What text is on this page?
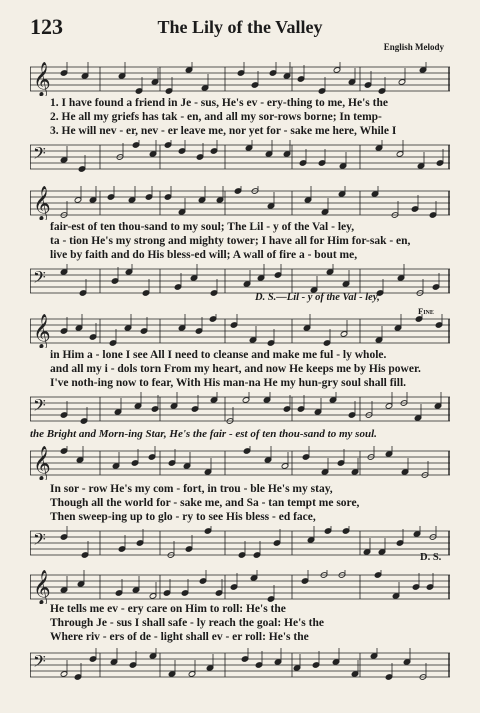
123	The Lily of the Valley
English Melody
𝄞
1. I have found a friend in Je - sus, He's ev - ery-thing to me, He's the
2. He all my griefs has tak - en, and all my sor-rows borne; In temp-
3. He will nev - er, nev - er leave me, nor yet for - sake me here, While I
𝄢
𝄞
fair-est of ten thou-sand to my soul; The Lil - y of the Val - ley,
ta - tion He's my strong and mighty tower; I have all for Him for-sak - en,
live by faith and do His bless-ed will; A wall of fire a - bout me,
𝄢
D. S.—Lil - y of the Val - ley,
Fine
𝄞
in Him a - lone I see All I need to cleanse and make me ful - ly whole.
and all my i - dols torn From my heart, and now He keeps me by His power.
I've noth-ing now to fear, With His man-na He my hun-gry soul shall fill.
𝄢
the Bright and Morn-ing Star, He's the fair - est of ten thou-sand to my soul.
𝄞
In sor - row He's my com - fort, in trou - ble He's my stay,
Though all the world for - sake me, and Sa - tan tempt me sore,
Then sweep-ing up to glo - ry to see His bless - ed face,
𝄢
D. S.
𝄞
He tells me ev - ery care on Him to roll: He's the
Through Je - sus I shall safe - ly reach the goal: He's the
Where riv - ers of de - light shall ev - er roll: He's the
𝄢
